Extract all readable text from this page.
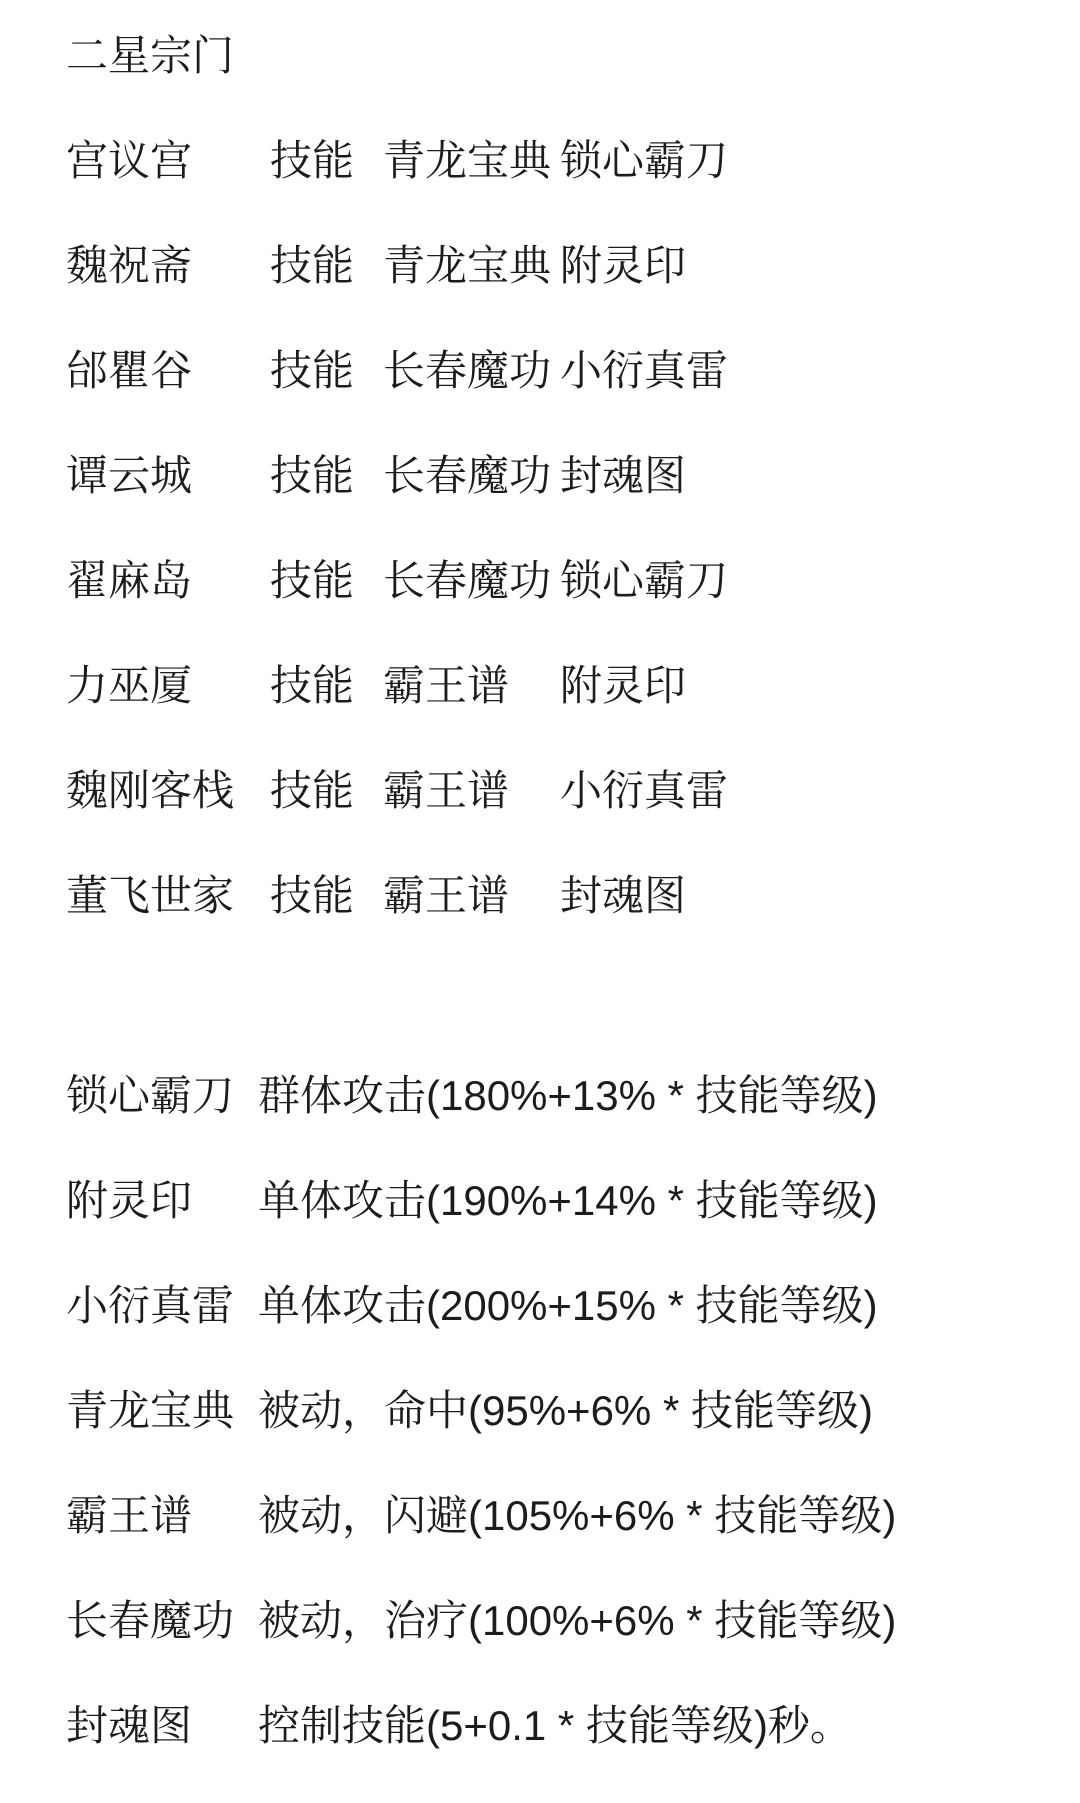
二星宗门
宫议宫	技能 青龙宝典 锁心霸刀
魏祝斋	技能 青龙宝典 附灵印
邰瞿谷	技能 长春魔功 小衍真雷
谭云城	技能 长春魔功 封魂图
翟麻岛	技能 长春魔功 锁心霸刀
力巫厦	技能 霸王谱	附灵印
魏刚客栈 技能 霸王谱	小衍真雷
董飞世家 技能 霸王谱	封魂图
锁心霸刀 群体攻击(180%+13% * 技能等级)
附灵印	单体攻击(190%+14% * 技能等级)
小衍真雷 单体攻击(200%+15% * 技能等级)
青龙宝典 被动，命中(95%+6% * 技能等级)
霸王谱	被动，闪避(105%+6% * 技能等级)
长春魔功 被动，治疗(100%+6% * 技能等级)
封魂图	控制技能(5+0.1 * 技能等级)秒。
